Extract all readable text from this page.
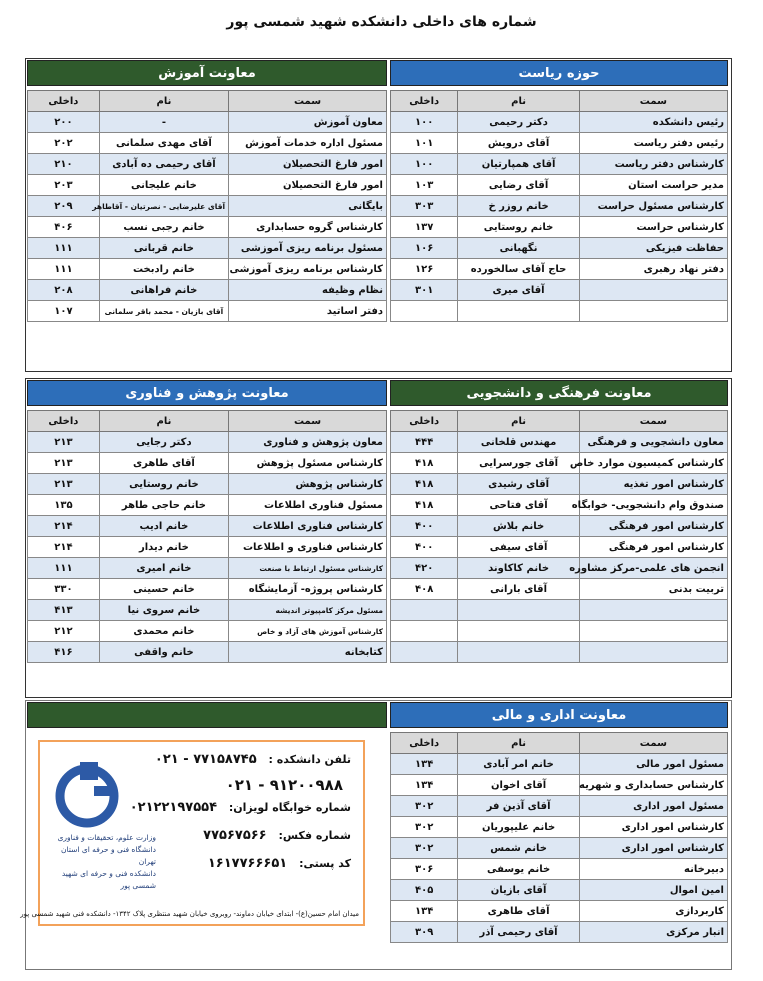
شماره های داخلی دانشکده شهید شمسی پور
حوزه ریاست
سمت	نام	داخلی
رئیس دانشکده	دکتر رحیمی	۱۰۰
رئیس دفتر ریاست	آقای درویش	۱۰۱
کارشناس دفتر ریاست	آقای همپارتیان	۱۰۰
مدیر حراست استان	آقای رضایی	۱۰۳
کارشناس مسئول حراست	خانم روزر خ	۳۰۳
کارشناس حراست	خانم روستایی	۱۳۷
حفاظت فیزیکی	نگهبانی	۱۰۶
دفتر نهاد رهبری	حاج آقای سالخورده	۱۲۶
	آقای میری	۳۰۱

معاونت آموزش
سمت	نام	داخلی
معاون آموزش	-	۲۰۰
مسئول اداره خدمات آموزش	آقای مهدی سلمانی	۲۰۲
امور فارغ التحصیلان	آقای رحیمی ده آبادی	۲۱۰
امور فارغ التحصیلان	خانم علیجانی	۲۰۳
بایگانی	آقای علیرضایی - نصرتیان - آقاطاهر	۲۰۹
کارشناس گروه حسابداری	خانم رجبی نسب	۴۰۶
مسئول برنامه ریزی آموزشی	خانم قربانی	۱۱۱
کارشناس برنامه ریزی آموزشی	خانم رادبخت	۱۱۱
نظام وظیفه	خانم فراهانی	۲۰۸
دفتر اساتید	آقای بازیان - محمد باقر سلمانی	۱۰۷
معاونت فرهنگی و دانشجویی
سمت	نام	داخلی
معاون دانشجویی و فرهنگی	مهندس قلخانی	۴۴۴
کارشناس کمیسیون موارد خاص	آقای جورسرایی	۴۱۸
کارشناس امور تغذیه	آقای رشیدی	۴۱۸
صندوق وام دانشجویی- خوابگاه	آقای فتاحی	۴۱۸
کارشناس امور فرهنگی	خانم بلاش	۴۰۰
کارشناس امور فرهنگی	آقای سیفی	۴۰۰
انجمن های علمی-مرکز مشاوره	خانم کاکاوند	۴۲۰
تربیت بدنی	آقای بارانی	۴۰۸

معاونت پژوهش و فناوری
سمت	نام	داخلی
معاون پژوهش و فناوری	دکتر رجایی	۲۱۳
کارشناس مسئول پژوهش	آقای طاهری	۲۱۳
کارشناس پژوهش	خانم روستایی	۲۱۳
مسئول فناوری اطلاعات	خانم حاجی طاهر	۱۳۵
کارشناس فناوری اطلاعات	خانم ادیب	۲۱۴
کارشناس فناوری و اطلاعات	خانم دیدار	۲۱۴
کارشناس مسئول ارتباط با صنعت	خانم امیری	۱۱۱
کارشناس پروژه- آزمایشگاه	خانم حسینی	۳۳۰
مسئول مرکز کامپیوتر اندیشه	خانم سروی نیا	۴۱۳
کارشناس آموزش های آزاد و خاص	خانم محمدی	۲۱۲
کتابخانه	خانم واقفی	۴۱۶
معاونت اداری و مالی
سمت	نام	داخلی
مسئول امور مالی	خانم امر آبادی	۱۳۴
کارشناس حسابداری و شهریه	آقای اخوان	۱۳۴
مسئول امور اداری	آقای آذین فر	۳۰۲
کارشناس امور اداری	خانم علیپوریان	۳۰۲
کارشناس امور اداری	خانم شمس	۳۰۲
دبیرخانه	خانم یوسفی	۳۰۶
امین اموال	آقای بازیان	۴۰۵
کاربردازی	آقای طاهری	۱۳۴
انبار مرکزی	آقای رحیمی آذر	۳۰۹
وزارت علوم، تحقیقات و فناوری
دانشگاه فنی و حرفه ای استان تهران
دانشکده فنی و حرفه ای شهید شمسی پور
تلفن دانشکده : ۷۷۱۵۸۷۴۵ - ۰۲۱
۹۱۲۰۰۹۸۸ - ۰۲۱
شماره خوابگاه لویزان: ۰۲۱۲۲۱۹۷۵۵۴
شماره فکس: ۷۷۵۶۷۵۶۶
کد پستی: ۱۶۱۷۷۶۶۶۵۱
میدان امام حسین(ع)- ابتدای خیابان دماوند- روبروی خیابان شهید منتظری پلاک ۱۳۴۲- دانشکده فنی شهید شمسی پور
